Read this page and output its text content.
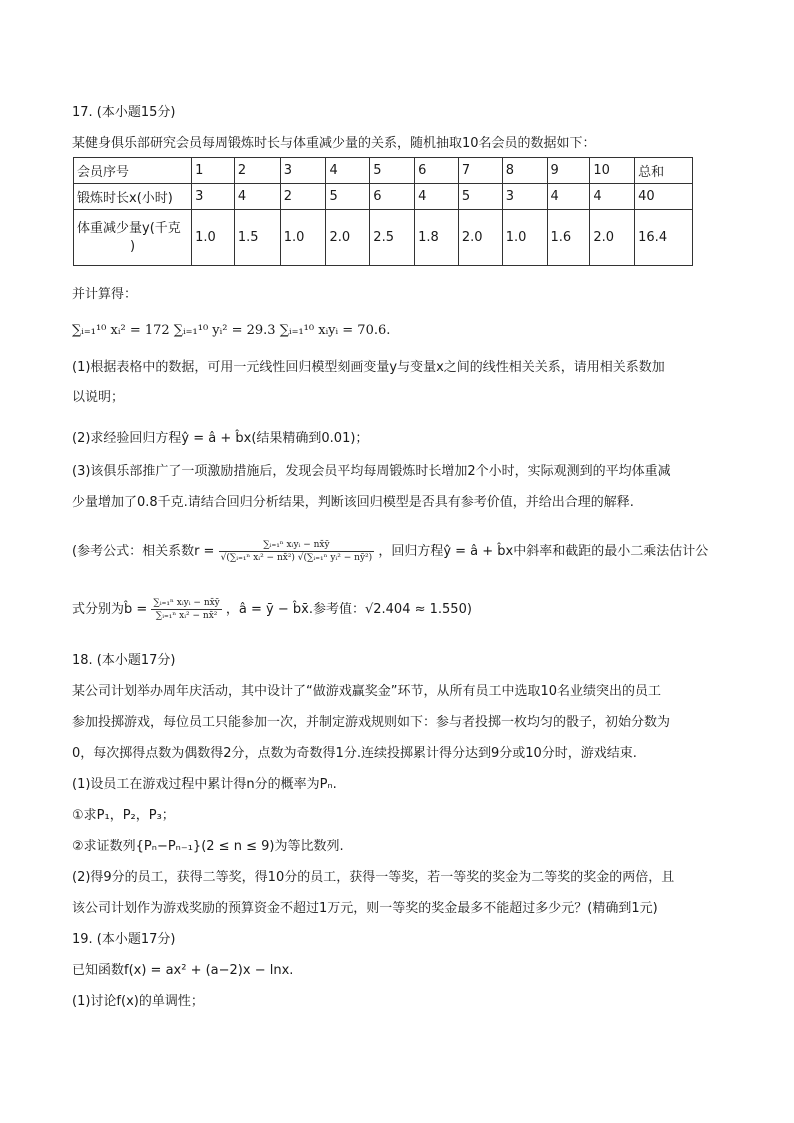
17. (本小题15分)
某健身俱乐部研究会员每周锻炼时长与体重减少量的关系，随机抽取10名会员的数据如下：
会员序号	1	2	3	4	5	6	7	8	9	10	总和
锻炼时长x(小时)	3	4	2	5	6	4	5	3	4	4	40

体重减少量y(千克
)	1.0	1.5	1.0	2.0	2.5	1.8	2.0	1.0	1.6	2.0	16.4
并计算得：
∑ᵢ₌₁¹⁰ xᵢ² = 172 ∑ᵢ₌₁¹⁰ yᵢ² = 29.3 ∑ᵢ₌₁¹⁰ xᵢyᵢ = 70.6.
(1)根据表格中的数据，可用一元线性回归模型刻画变量y与变量x之间的线性相关关系，请用相关系数加
以说明；
(2)求经验回归方程ŷ = â + b̂x(结果精确到0.01)；
(3)该俱乐部推广了一项激励措施后，发现会员平均每周锻炼时长增加2个小时，实际观测到的平均体重减
少量增加了0.8千克.请结合回归分析结果，判断该回归模型是否具有参考价值，并给出合理的解释.
(参考公式：相关系数$r = \frac{\text{∑ᵢ₌₁ⁿ xᵢyᵢ − nx̄ȳ}}{\text{√(∑ᵢ₌₁ⁿ xᵢ² − nx̄²) √(∑ᵢ₌₁ⁿ yᵢ² − nȳ²)}}$ ，回归方程ŷ = â + b̂x中斜率和截距的最小二乘法估计公
式分别为b̂ = $\frac{\text{∑ᵢ₌₁ⁿ xᵢyᵢ − nx̄ȳ}}{\text{∑ᵢ₌₁ⁿ xᵢ² − nx̄²}}$ ，â = ȳ − b̂x̄.参考值：√2.404 ≈ 1.550)
18. (本小题17分)
某公司计划举办周年庆活动，其中设计了“做游戏赢奖金”环节，从所有员工中选取10名业绩突出的员工
参加投掷游戏，每位员工只能参加一次，并制定游戏规则如下：参与者投掷一枚均匀的骰子，初始分数为
0，每次掷得点数为偶数得2分，点数为奇数得1分.连续投掷累计得分达到9分或10分时，游戏结束.
(1)设员工在游戏过程中累计得n分的概率为Pₙ.
①求P₁，P₂，P₃；
②求证数列{Pₙ−Pₙ₋₁}(2 ≤ n ≤ 9)为等比数列.
(2)得9分的员工，获得二等奖，得10分的员工，获得一等奖，若一等奖的奖金为二等奖的奖金的两倍，且
该公司计划作为游戏奖励的预算资金不超过1万元，则一等奖的奖金最多不能超过多少元？(精确到1元)
19. (本小题17分)
已知函数f(x) = ax² + (a−2)x − lnx.
(1)讨论f(x)的单调性；
